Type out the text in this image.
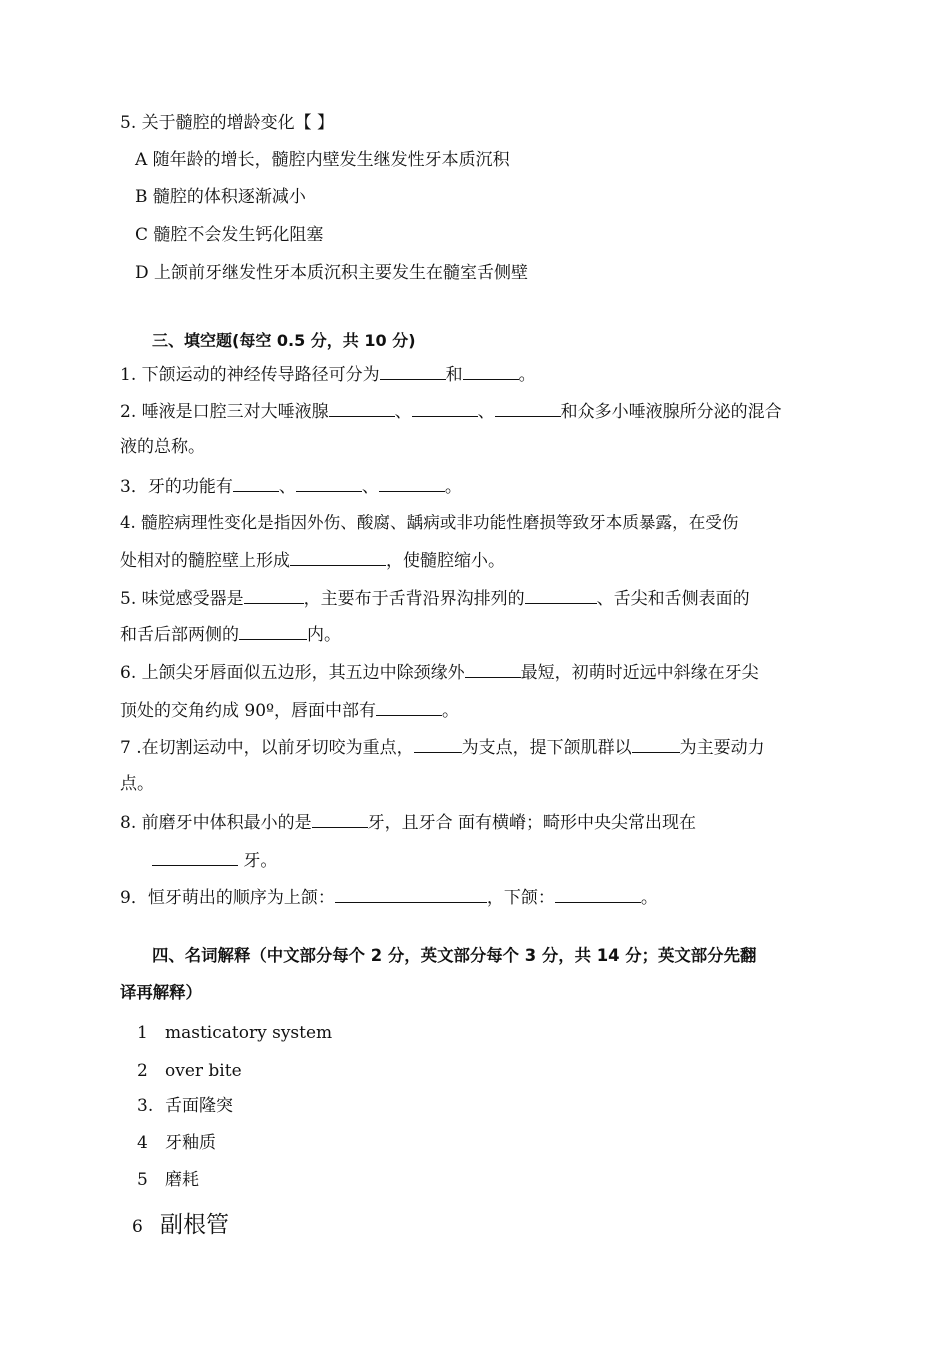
5. 关于髓腔的增龄变化【 】
A 随年龄的增长，髓腔内壁发生继发性牙本质沉积
B 髓腔的体积逐渐减小
C 髓腔不会发生钙化阻塞
D 上颌前牙继发性牙本质沉积主要发生在髓室舌侧壁
三、填空题(每空 0.5 分，共 10 分)
1. 下颌运动的神经传导路径可分为	和	。
2. 唾液是口腔三对大唾液腺	、	、	和众多小唾液腺所分泌的混合
液的总称。
3．牙的功能有	、	、	。
4. 髓腔病理性变化是指因外伤、酸腐、龋病或非功能性磨损等致牙本质暴露，在受伤
处相对的髓腔壁上形成	，使髓腔缩小。
5. 味觉感受器是	，主要布于舌背沿界沟排列的	、舌尖和舌侧表面的
和舌后部两侧的	内。
6. 上颌尖牙唇面似五边形，其五边中除颈缘外	最短，初萌时近远中斜缘在牙尖
顶处的交角约成 90º，唇面中部有	。
7 .在切割运动中，以前牙切咬为重点，	为支点，提下颌肌群以	为主要动力
点。
8. 前磨牙中体积最小的是	牙，且牙合 面有横嵴；畸形中央尖常出现在
牙。
9．恒牙萌出的顺序为上颌：	，下颌：	。
四、名词解释（中文部分每个 2 分，英文部分每个 3 分，共 14 分；英文部分先翻
译再解释）
1 masticatory system
2 over bite
3. 舌面隆突
4 牙釉质
5 磨耗
6 副根管
